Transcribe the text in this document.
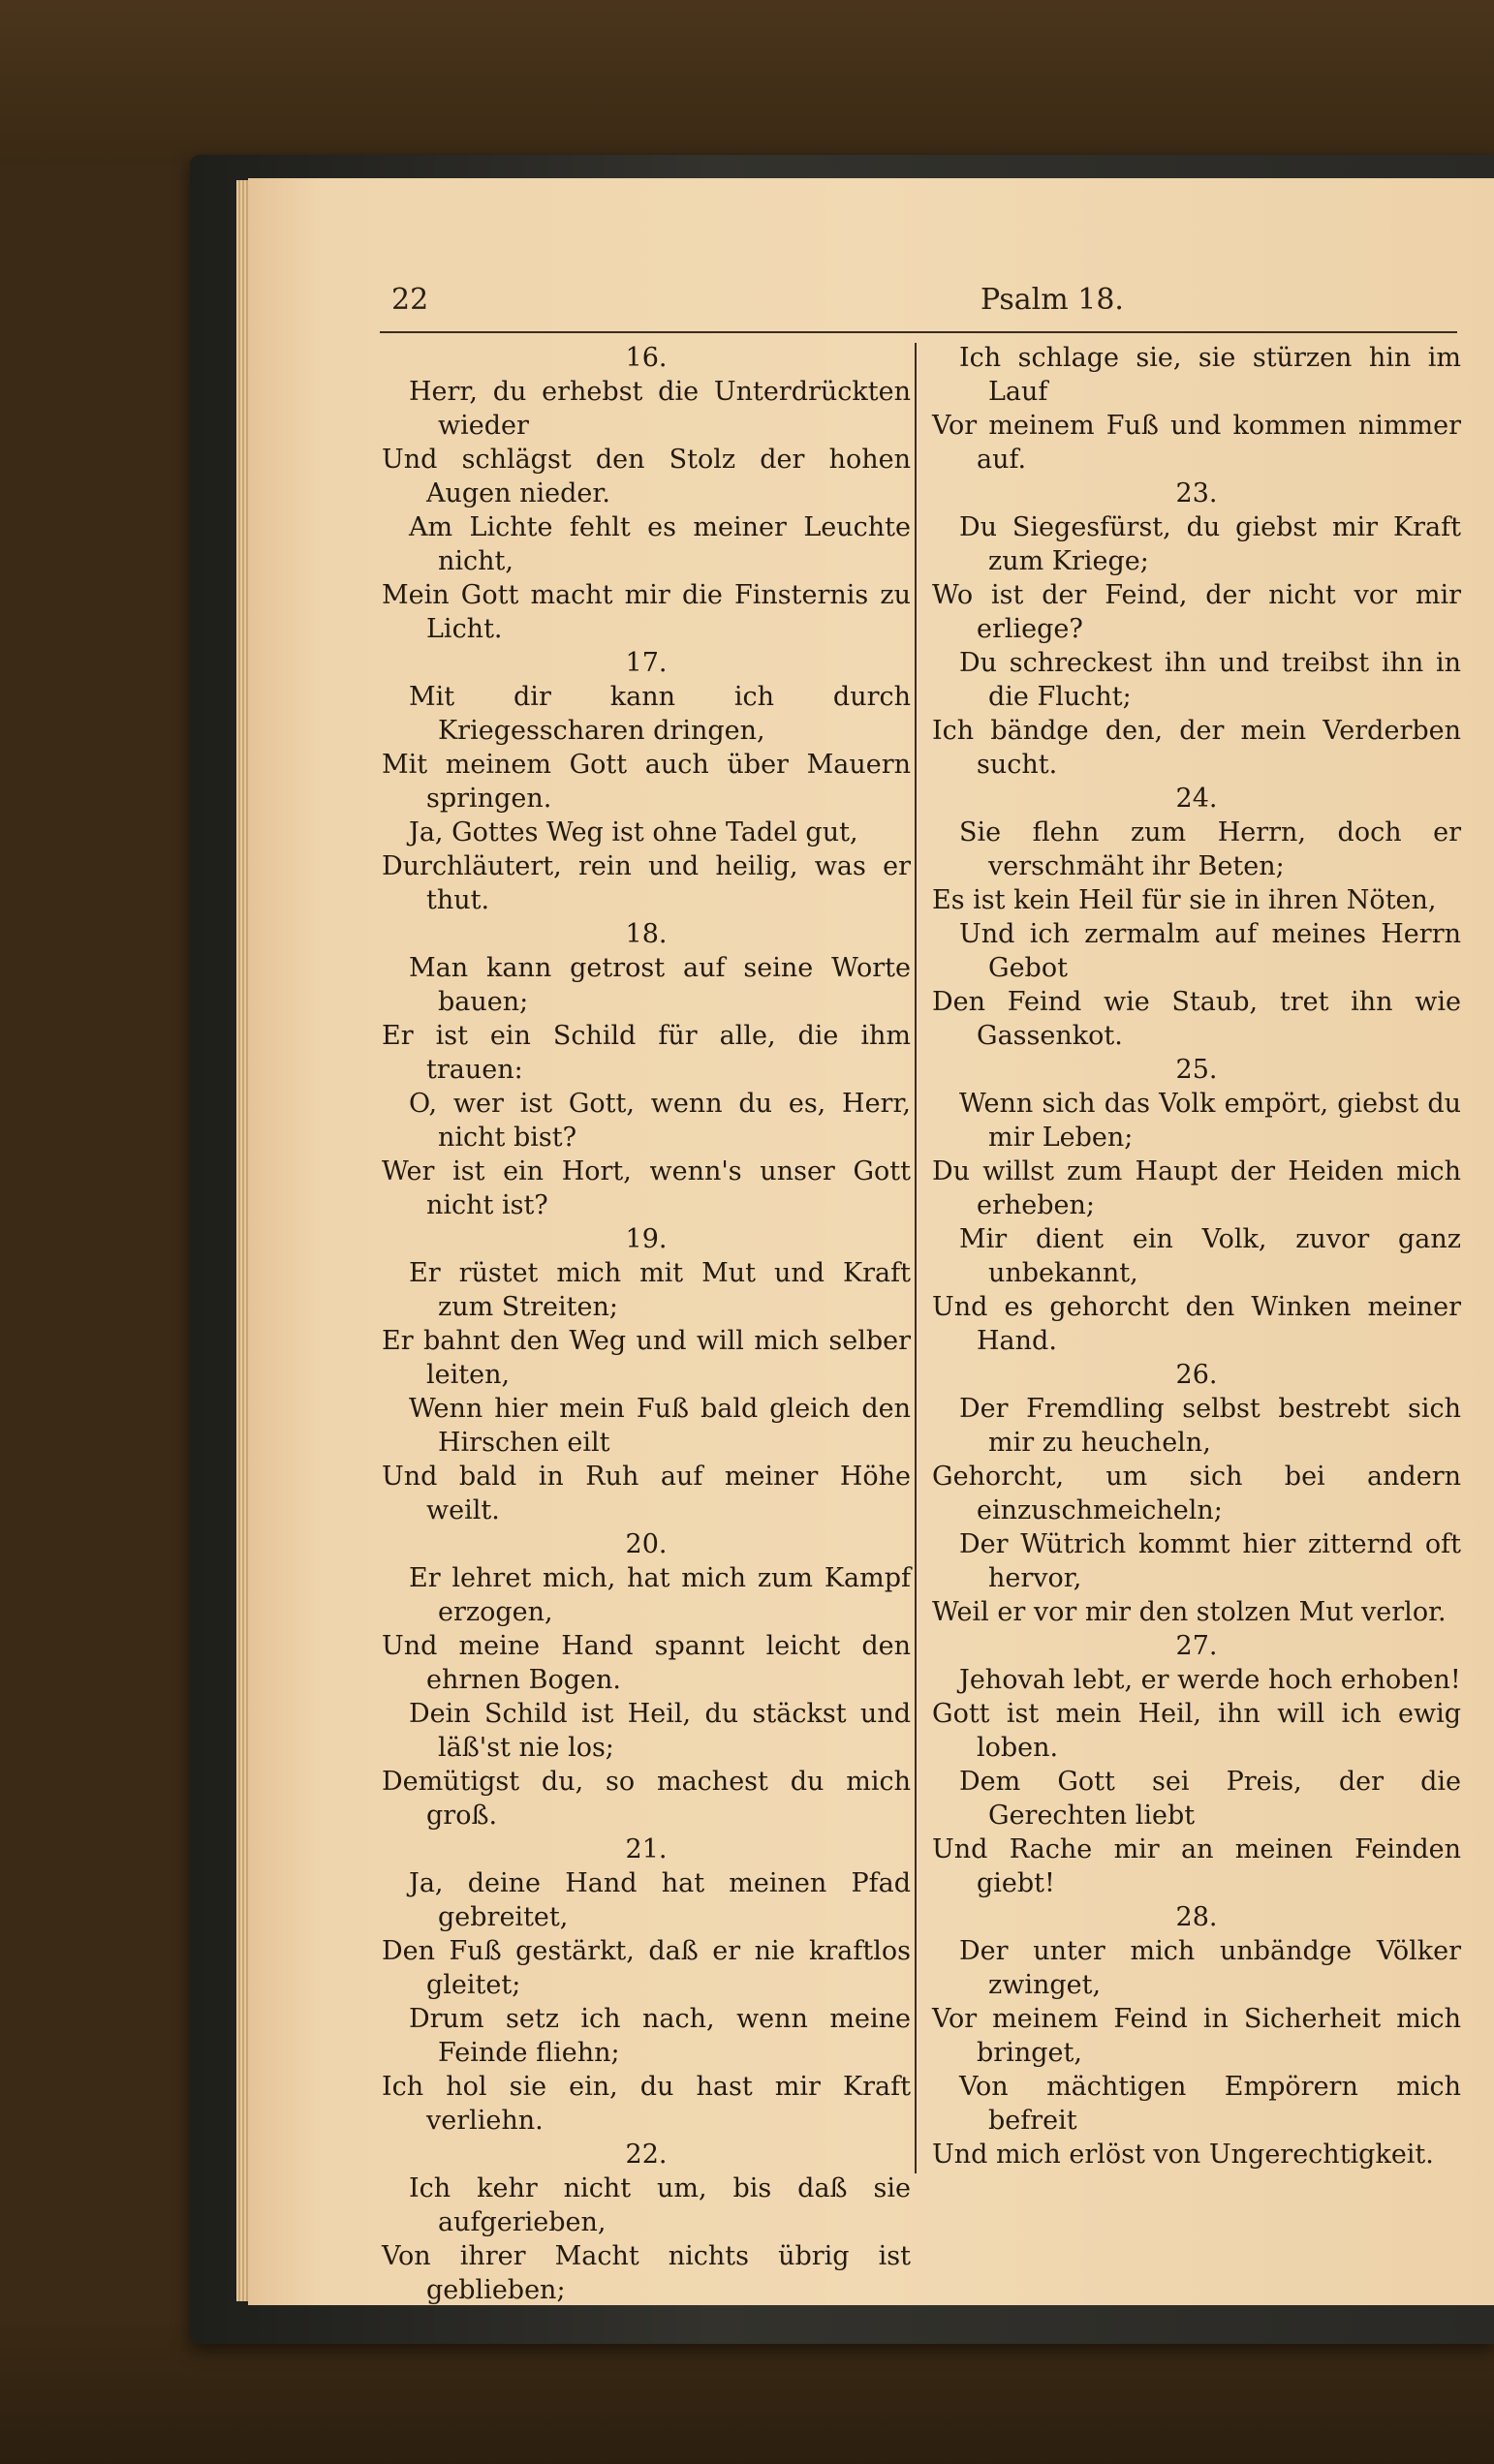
22	Psalm 18.

16.

Herr, du erhebst die Unterdrückten wieder

Und schlägst den Stolz der hohen Augen nieder.

Am Lichte fehlt es meiner Leuchte nicht,

Mein Gott macht mir die Finsternis zu Licht.

17.

Mit dir kann ich durch Kriegesscharen dringen,

Mit meinem Gott auch über Mauern springen.

Ja, Gottes Weg ist ohne Tadel gut,

Durchläutert, rein und heilig, was er thut.

18.

Man kann getrost auf seine Worte bauen;

Er ist ein Schild für alle, die ihm trauen:

O, wer ist Gott, wenn du es, Herr, nicht bist?

Wer ist ein Hort, wenn's unser Gott nicht ist?

19.

Er rüstet mich mit Mut und Kraft zum Streiten;

Er bahnt den Weg und will mich selber leiten,

Wenn hier mein Fuß bald gleich den Hirschen eilt

Und bald in Ruh auf meiner Höhe weilt.

20.

Er lehret mich, hat mich zum Kampf erzogen,

Und meine Hand spannt leicht den ehrnen Bogen.

Dein Schild ist Heil, du stäckst und läß'st nie los;

Demütigst du, so machest du mich groß.

21.

Ja, deine Hand hat meinen Pfad gebreitet,

Den Fuß gestärkt, daß er nie kraftlos gleitet;

Drum setz ich nach, wenn meine Feinde fliehn;

Ich hol sie ein, du hast mir Kraft verliehn.

22.

Ich kehr nicht um, bis daß sie aufgerieben,

Von ihrer Macht nichts übrig ist geblieben;

Ich schlage sie, sie stürzen hin im Lauf

Vor meinem Fuß und kommen nimmer auf.

23.

Du Siegesfürst, du giebst mir Kraft zum Kriege;

Wo ist der Feind, der nicht vor mir erliege?

Du schreckest ihn und treibst ihn in die Flucht;

Ich bändge den, der mein Verderben sucht.

24.

Sie flehn zum Herrn, doch er verschmäht ihr Beten;

Es ist kein Heil für sie in ihren Nöten,

Und ich zermalm auf meines Herrn Gebot

Den Feind wie Staub, tret ihn wie Gassenkot.

25.

Wenn sich das Volk empört, giebst du mir Leben;

Du willst zum Haupt der Heiden mich erheben;

Mir dient ein Volk, zuvor ganz unbekannt,

Und es gehorcht den Winken meiner Hand.

26.

Der Fremdling selbst bestrebt sich mir zu heucheln,

Gehorcht, um sich bei andern einzuschmeicheln;

Der Wütrich kommt hier zitternd oft hervor,

Weil er vor mir den stolzen Mut verlor.

27.

Jehovah lebt, er werde hoch erhoben!

Gott ist mein Heil, ihn will ich ewig loben.

Dem Gott sei Preis, der die Gerechten liebt

Und Rache mir an meinen Feinden giebt!

28.

Der unter mich unbändge Völker zwinget,

Vor meinem Feind in Sicherheit mich bringet,

Von mächtigen Empörern mich befreit

Und mich erlöst von Ungerechtigkeit.
